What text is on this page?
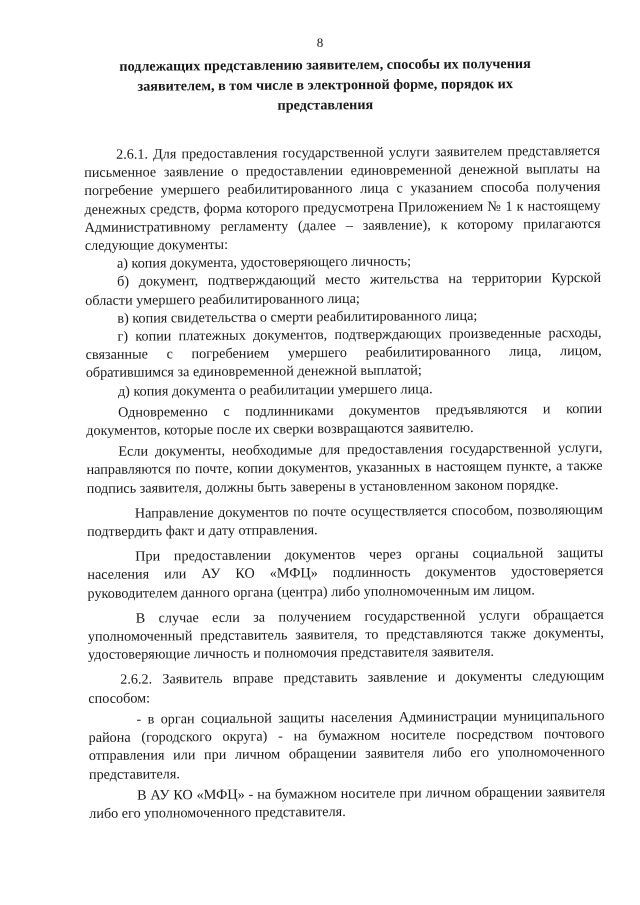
8
подлежащих представлению заявителем, способы их получения заявителем, в том числе в электронной форме, порядок их представления

2.6.1. Для предоставления государственной услуги заявителем представляется письменное заявление о предоставлении единовременной денежной выплаты на погребение умершего реабилитированного лица с указанием способа получения денежных средств, форма которого предусмотрена Приложением № 1 к настоящему Административному регламенту (далее – заявление), к которому прилагаются следующие документы:

а) копия документа, удостоверяющего личность;

б) документ, подтверждающий место жительства на территории Курской области умершего реабилитированного лица;

в) копия свидетельства о смерти реабилитированного лица;

г) копии платежных документов, подтверждающих произведенные расходы, связанные с погребением умершего реабилитированного лица, лицом, обратившимся за единовременной денежной выплатой;

д) копия документа о реабилитации умершего лица.

Одновременно с подлинниками документов предъявляются и копии документов, которые после их сверки возвращаются заявителю.

Если документы, необходимые для предоставления государственной услуги, направляются по почте, копии документов, указанных в настоящем пункте, а также подпись заявителя, должны быть заверены в установленном законом порядке.

Направление документов по почте осуществляется способом, позволяющим подтвердить факт и дату отправления.

При предоставлении документов через органы социальной защиты населения или АУ КО «МФЦ» подлинность документов удостоверяется руководителем данного органа (центра) либо уполномоченным им лицом.

В случае если за получением государственной услуги обращается уполномоченный представитель заявителя, то представляются также документы, удостоверяющие личность и полномочия представителя заявителя.

2.6.2. Заявитель вправе представить заявление и документы следующим способом:

- в орган социальной защиты населения Администрации муниципального района (городского округа) - на бумажном носителе посредством почтового отправления или при личном обращении заявителя либо его уполномоченного представителя.

В АУ КО «МФЦ» - на бумажном носителе при личном обращении заявителя либо его уполномоченного представителя.
